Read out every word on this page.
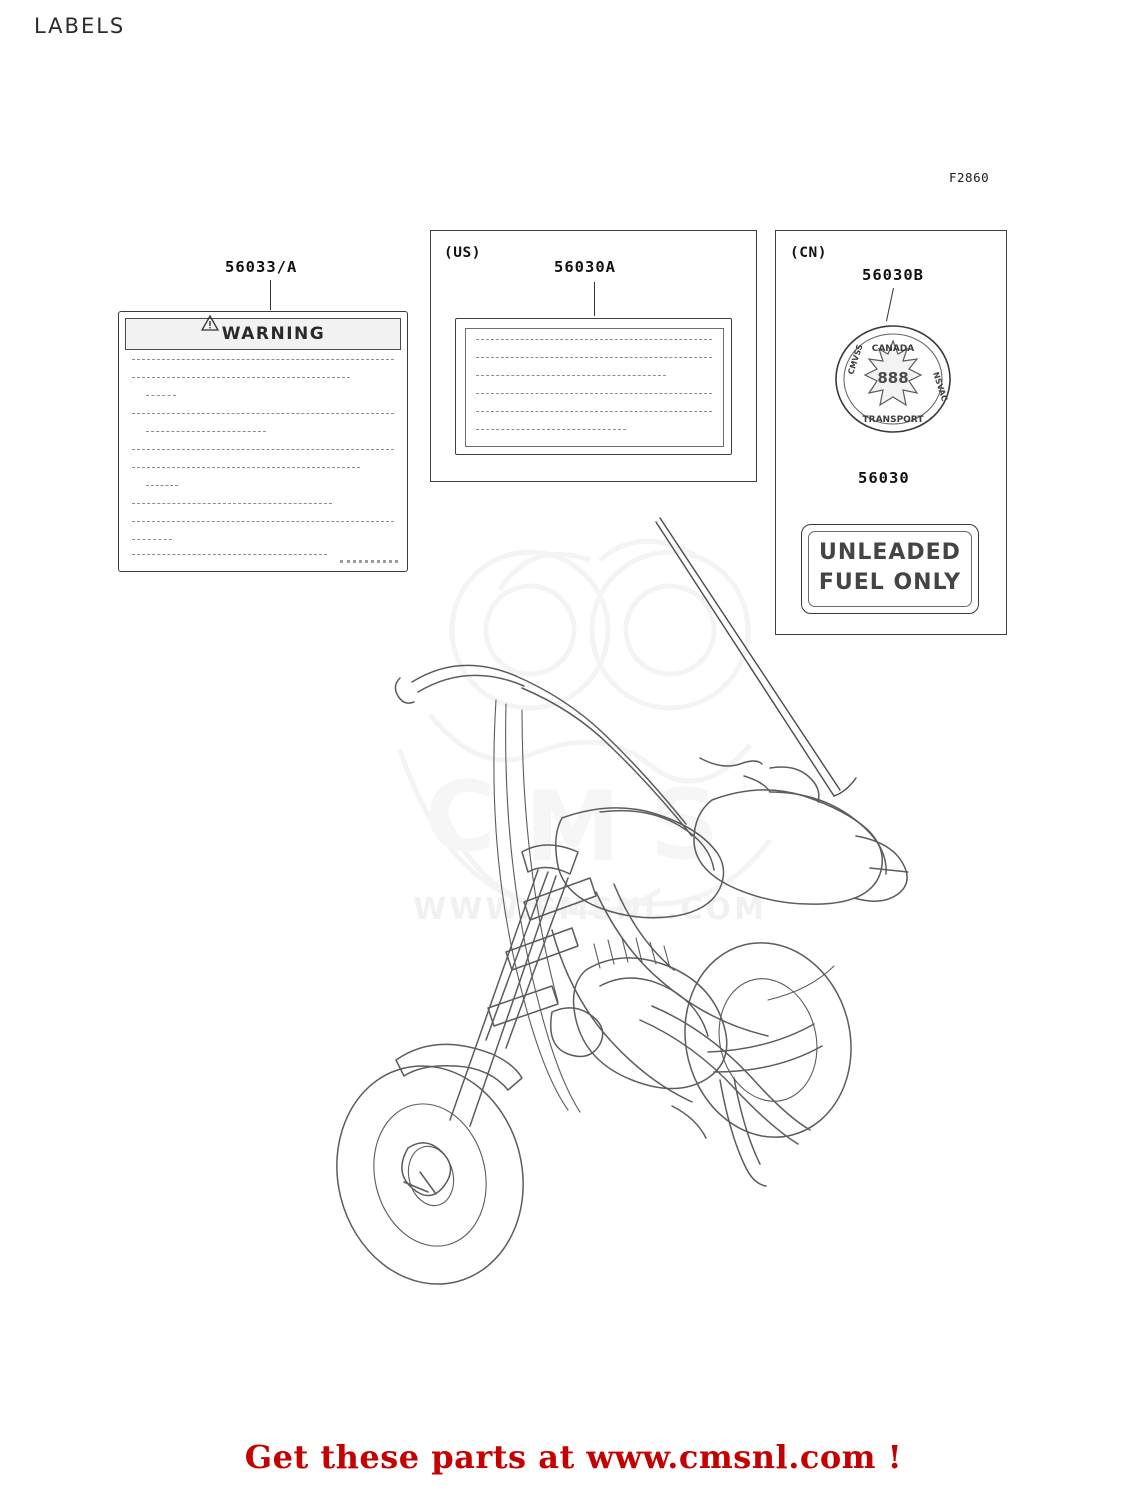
LABELS
F2860
C M S
WWW.CMSNL.COM
56033/A
WARNING
(US)
56030A
(CN)
56030B
888
CANADA
CMVSS
NSVAC
TRANSPORT
56030
UNLEADED
FUEL ONLY
Get these parts at www.cmsnl.com !
